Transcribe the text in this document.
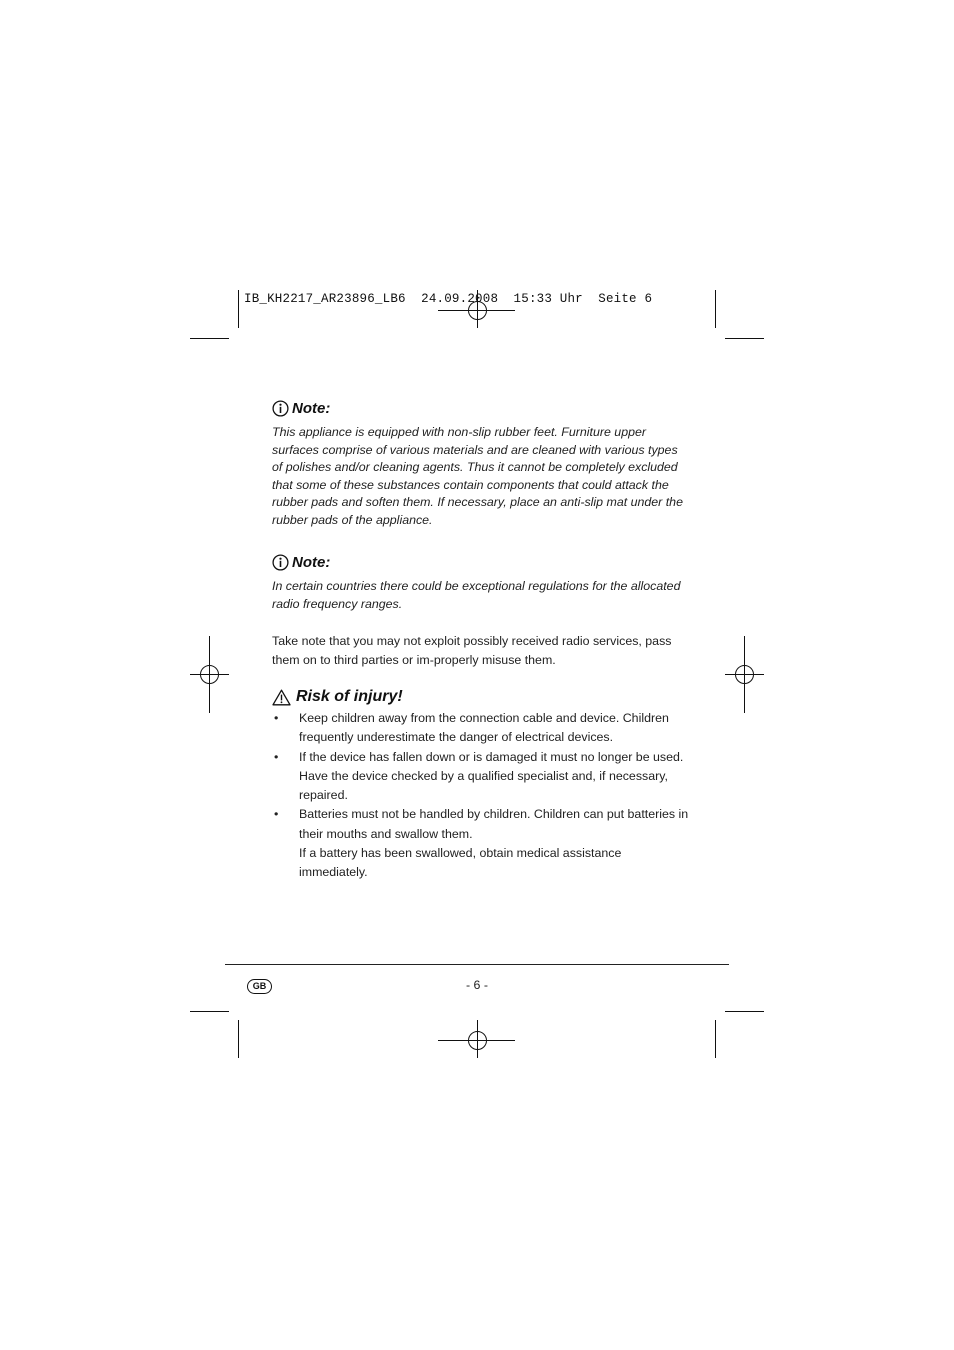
IB_KH2217_AR23896_LB6  24.09.2008  15:33 Uhr  Seite 6

Note:

This appliance is equipped with non-slip rubber feet. Furniture upper surfaces comprise of various materials and are cleaned with various types of polishes and/or cleaning agents. Thus it cannot be completely excluded that some of these substances contain components that could attack the rubber pads and soften them. If necessary, place an anti-slip mat under the rubber pads of the appliance.

Note:

In certain countries there could be exceptional regulations for the allocated radio frequency ranges.

Take note that you may not exploit possibly received radio services, pass them on to third parties or im-properly misuse them.

Risk of injury!
• Keep children away from the connection cable and device. Children frequently underestimate the danger of electrical devices.
• If the device has fallen down or is damaged it must no longer be used. Have the device checked by a qualified specialist and, if necessary, repaired.
• Batteries must not be handled by children. Children can put batteries in their mouths and swallow them.
If a battery has been swallowed, obtain medical assistance immediately.
GB	- 6 -
